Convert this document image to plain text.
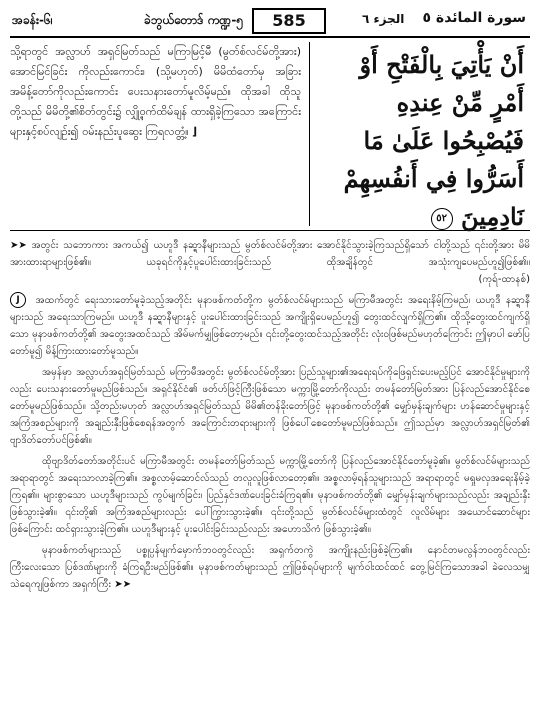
အခန်း-၆၊	ခဲဘွယ်တောဒ် ကဏ္ဍ-၅	585	الجزء ٦ سورة المائدة ٥

သို့ရာတွင် အလ္လာဟ် အရှင်မြတ်သည် မကြာမြင့်မီ (မွတ်စ်လင်မ်တို့အား) အောင်မြင်ခြင်း ကိုလည်းကောင်း၊ (သို့မဟုတ်) မိမိထံတော်မှ အခြားအမိန့်တော်ကိုလည်းကောင်း ပေးသနားတော်မူလိမ့်မည်။ ထိုအခါ ထိုသူတို့သည် မိမိတို့၏စိတ်တွင်း၌ လျှို့ဝှက်ထိမ်ချန် ထားရှိခဲ့ကြသော အကြောင်းများနှင့်စပ်လျဉ်း၍ ဝမ်းနည်းပူဆွေး ကြရလတ္တံ့။ ⌋

أَنْ يَأْتِيَ بِالْفَتْحِ أَوْ أَمْرٍ مِّنْ عِندِهِ فَيُصْبِحُوا عَلَىٰ مَا أَسَرُّوا فِي أَنفُسِهِمْ نَادِمِينَ ٥٢

➤➤ အတွင်း သဘောကား အကယ်၍ ယဟူဒီ နဆ္ရာနီများသည် မွတ်စ်လင်မ်တို့အား အောင်နိုင်သွားခဲ့ကြသည်ရှိသော် ငါတို့သည် ၎င်းတို့အား မိမိအားထားရာများဖြစ်၏။ ယခုရင်ကိုနှင့်ပူပေါင်းထားခြင်းသည် ထိုအချိန်တွင် အသုံးကျပေမည်ဟူ၍ဖြစ်၏။ (ကုရ်-ထာနစ်)

J အထက်တွင် ရေးသားတော်မူခဲ့သည့်အတိုင်း မုနာဖစ်ကတ်တို့က မွတ်စ်လင်မ်များသည် မကြာမီအတွင်း အရေးနိမ့်ကြမည်၊ ယဟူဒီ နဆ္ရာနီများသည် အရေးသာကြမည်။ ယဟူဒီ နဆ္ရာနီများနှင့် ပူးပေါင်းထားခြင်းသည် အကျိုးရှိပေမည်ဟူ၍ တွေးထင်လျက်ရှိကြ၏။ ထိုသို့တွေးထင်ကျက်ရှိသော မုနာဖစ်ကတ်တို့၏ အတွေးအထင်သည် အိမ်မက်မျှဖြစ်တော့မည်။ ၎င်းတို့တွေးထင်သည့်အတိုင်း လုံးဝဖြစ်မည်မဟုတ်ကြောင်း ဤမှာပါ ဖော်ပြတော်မူ၍ မိန့်ကြားထားတော်မူသည်။

အမှန်မှာ အလ္လာဟ်အရှင်မြတ်သည် မကြာမီအတွင်း မွတ်စ်လင်မ်တို့အား ပြည်သူများ၏အရေးရပ်ကိုဖြေရှင်းပေးမည့်ပြင် အောင်နိုင်မှုများကိုလည်း ပေးသနားတော်မူမည်ဖြစ်သည်။ အရှင်နိုင်ငံ၏ ဖတ်ဟ်ဖြင့်ကြီးဖြစ်သော မက္ကာမြို့တော်ကိုလည်း တမန်တော်မြတ်အား ပြန်လည်အောင်နိုင်စေတော်မူမည်ဖြစ်သည်။ သို့တည်းမဟုတ် အလ္လာဟ်အရှင်မြတ်သည် မိမိ၏တန်ခိုးတော်ဖြင့် မုနာဖစ်ကတ်တို့၏ မျှော်မှန်းချက်များ ဟန်ဆောင်မှုများနှင့် အကြံအစည်များကို အချည်းနှီးဖြစ်စေရန်အတွက် အကြောင်းတရားများကို ဖြစ်ပေါ်စေတော်မူမည်ဖြစ်သည်။ ဤသည်မှာ အလ္လာဟ်အရှင်မြတ်၏ ဗျာဒိတ်တော်ပင်ဖြစ်၏။

ထိုဗျာဒိတ်တော်အတိုင်းပင် မကြာမီအတွင်း တမန်တော်မြတ်သည် မက္ကာမြို့တော်ကို ပြန်လည်အောင်နိုင်တော်မူခဲ့၏။ မွတ်စ်လင်မ်များသည် အရာရာတွင် အရေးသာလာခဲ့ကြ၏။ အစ္စလာမ့်ဆောင်လ်သည် တလူလူဖြစ်လာတော့၏။ အစ္စလာမ့်ရန်သူများသည် အရာရာတွင် မရှုမလှအရေးနိမ့်ခဲ့ကြရ၏။ များစွာသော ယဟူဒီများသည် ကွပ်မျက်ခြင်း၊ ပြည်နှင်ဒဏ်ပေးခြင်းခံကြရ၏။ မုနာဖစ်ကတ်တို့၏ မျှော်မှန်းချက်များသည်လည်း အချည်းနှီးဖြစ်သွားခဲ့၏။ ၎င်းတို့၏ အကြံအစည်များလည်း ပေါ်ကြွားသွားခဲ့၏။ ၎င်းတို့သည် မွတ်စ်လင်မ်များထံတွင် လူလိမ်များ အယောင်ဆောင်များဖြစ်ကြောင်း ထင်ရှားသွားခဲ့ကြ၏။ ယဟူဒီများနှင့် ပူးပေါင်းခြင်းသည်လည်း အဟောသိကံ ဖြစ်သွားခဲ့၏။

မုနာဖစ်ကတ်များသည် ပစ္စုပ္ပန်မျက်မှောက်ဘဝတွင်လည်း အရှက်တကွဲ အကျိုးနည်းဖြစ်ခဲ့ကြ၏။ နောင်တမလွန်ဘဝတွင်လည်း ကြီးလေးသော ပြစ်ဒဏ်များကို ခံကြရဦးမည်ဖြစ်၏။ မုနာဖစ်ကတ်များသည် ဤဖြစ်ရပ်များကို မျက်ဝါးထင်ထင် တွေ့မြင်ကြသောအခါ ခဲလေသမျှ သဲရေကျဖြစ်ကာ အရှက်ကြီး ➤➤
